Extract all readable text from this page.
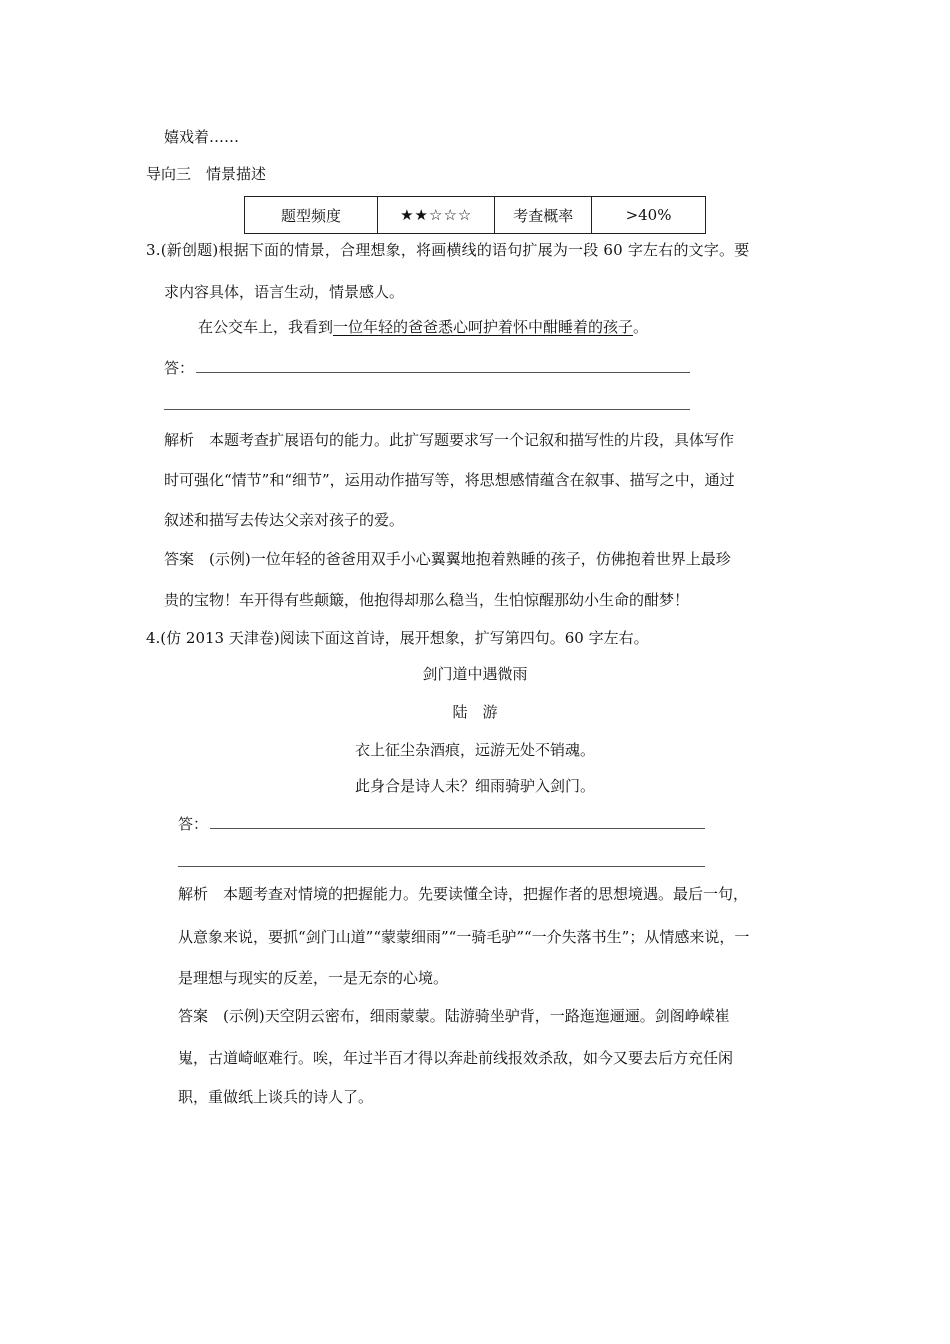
嬉戏着……
导向三　情景描述
题型频度	★★☆☆☆	考查概率	>40%
3.(新创题)根据下面的情景，合理想象，将画横线的语句扩展为一段 60 字左右的文字。要
求内容具体，语言生动，情景感人。
在公交车上，我看到一位年轻的爸爸悉心呵护着怀中酣睡着的孩子。
答：
解析　本题考查扩展语句的能力。此扩写题要求写一个记叙和描写性的片段，具体写作
时可强化“情节”和“细节”，运用动作描写等，将思想感情蕴含在叙事、描写之中，通过
叙述和描写去传达父亲对孩子的爱。
答案　(示例)一位年轻的爸爸用双手小心翼翼地抱着熟睡的孩子，仿佛抱着世界上最珍
贵的宝物！车开得有些颠簸，他抱得却那么稳当，生怕惊醒那幼小生命的酣梦！
4.(仿 2013 天津卷)阅读下面这首诗，展开想象，扩写第四句。60 字左右。
剑门道中遇微雨
陆　游
衣上征尘杂酒痕，远游无处不销魂。
此身合是诗人未？细雨骑驴入剑门。
答：
解析　本题考查对情境的把握能力。先要读懂全诗，把握作者的思想境遇。最后一句，
从意象来说，要抓“剑门山道”“蒙蒙细雨”“一骑毛驴”“一介失落书生”；从情感来说，一
是理想与现实的反差，一是无奈的心境。
答案　(示例)天空阴云密布，细雨蒙蒙。陆游骑坐驴背，一路迤迤逦逦。剑阁峥嵘崔
嵬，古道崎岖难行。唉，年过半百才得以奔赴前线报效杀敌，如今又要去后方充任闲
职，重做纸上谈兵的诗人了。
